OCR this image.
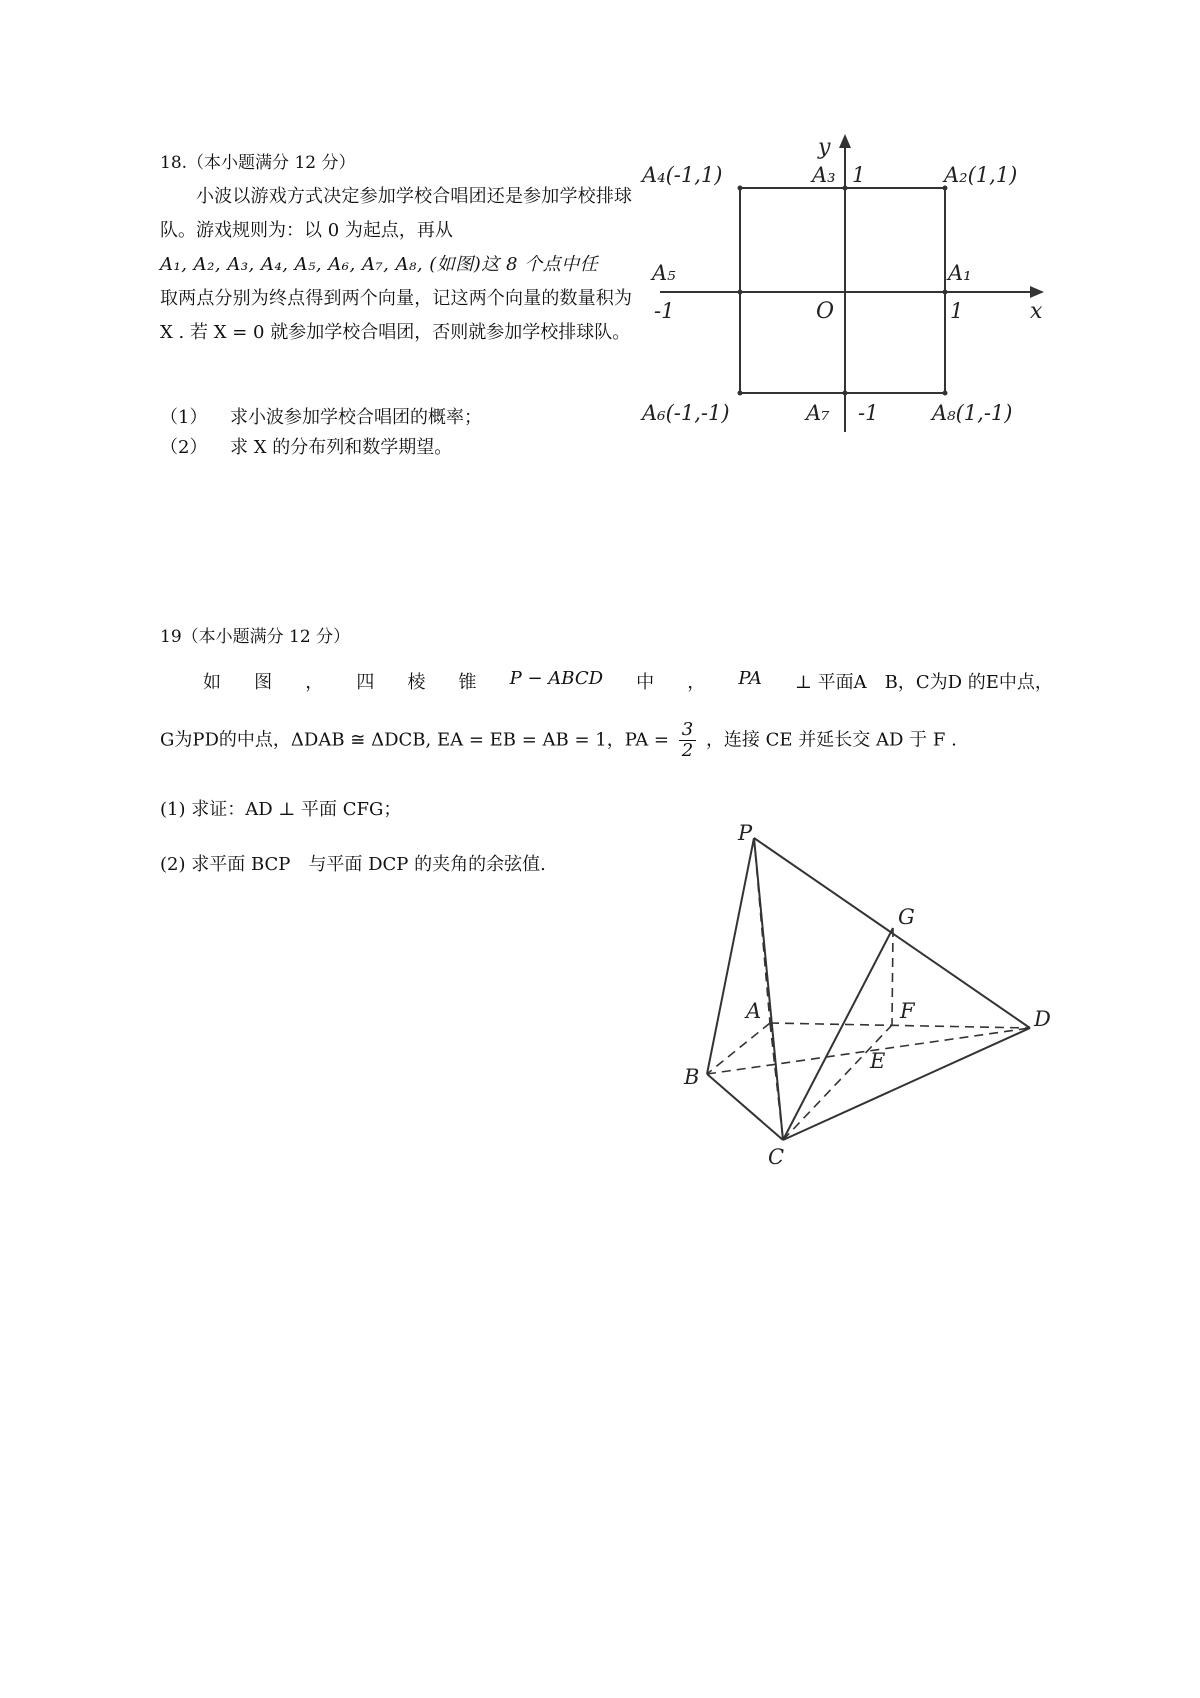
18.（本小题满分 12 分）

小波以游戏方式决定参加学校合唱团还是参加学校排球队。游戏规则为：以 0 为起点，再从

A₁, A₂, A₃, A₄, A₅, A₆, A₇, A₈, (如图)这 8 个点中任

取两点分别为终点得到两个向量，记这两个向量的数量积为 X . 若 X = 0 就参加学校合唱团，否则就参加学校排球队。

（1）	求小波参加学校合唱团的概率；
（2）	求 X 的分布列和数学期望。
y
x
O
A₄(-1,1)	A₃ 1	A₂(1,1)
A₅	A₁
-1	1
A₆(-1,-1)	A₇ -1	A₈(1,-1)
19（本小题满分 12 分）
如 图 ， 四 棱 锥 P − ABCD 中 ， PA ⊥ 平面A　B，C为D 的E中点，
G为PD的中点，ΔDAB ≅ ΔDCB, EA = EB = AB = 1，PA = $\frac{3}{2}$ ，连接 CE 并延长交 AD 于 F .
(1) 求证：AD ⊥ 平面 CFG；
(2) 求平面 BCP　与平面 DCP 的夹角的余弦值.
P
G
A	F	D
B
E
C
